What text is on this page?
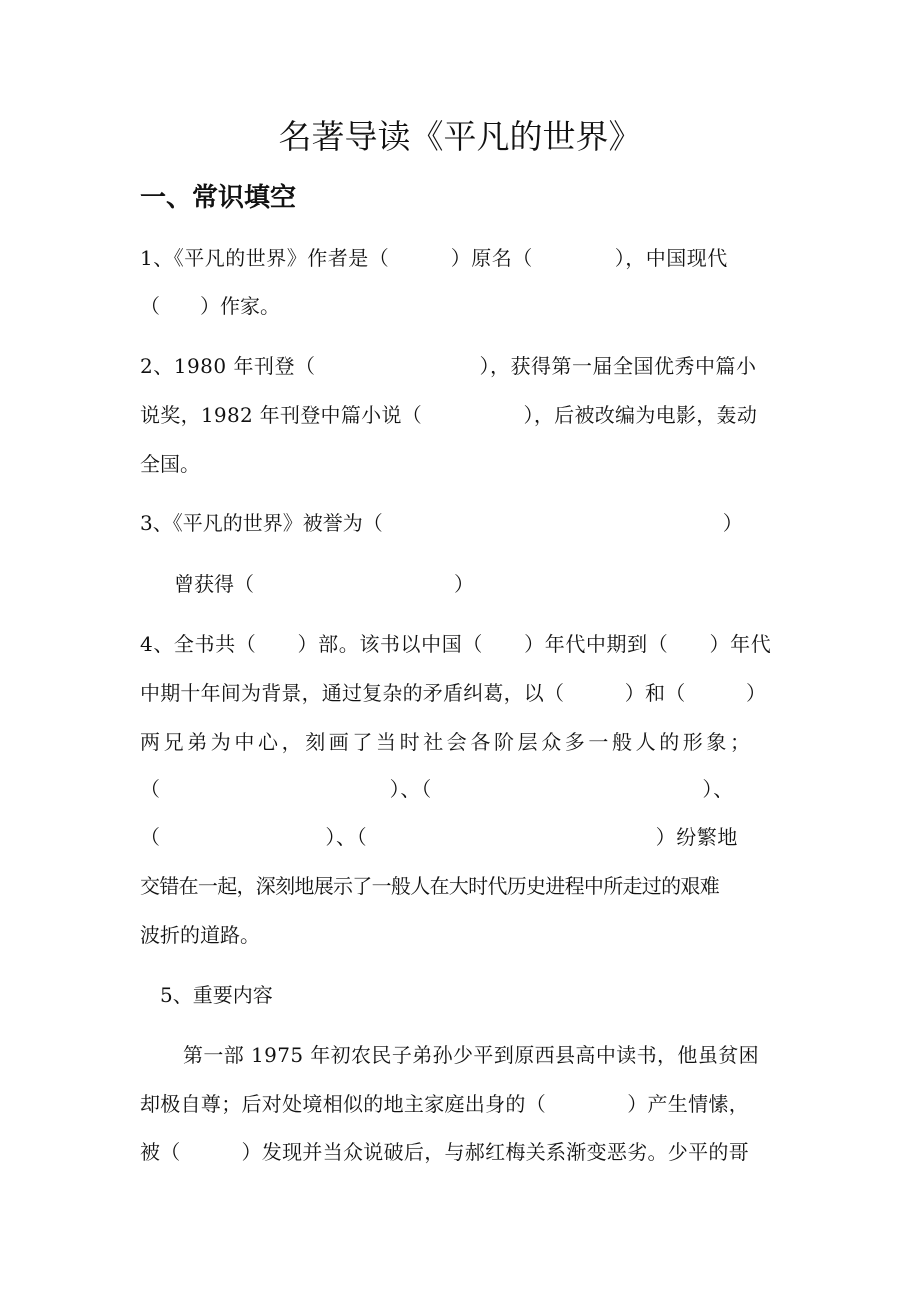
名著导读《平凡的世界》
一、常识填空
1、《平凡的世界》作者是（　　　）原名（　　　　），中国现代
（　　）作家。
2、1980 年刊登（　　　　　　　　），获得第一届全国优秀中篇小
说奖，1982 年刊登中篇小说（　　　　　），后被改编为电影，轰动
全国。
3、《平凡的世界》被誉为（　　　　　　　　　　　　　　　　　）
曾获得（　　　　　　　　　　）
4、全书共（　　）部。该书以中国（　　）年代中期到（　　）年代
中期十年间为背景，通过复杂的矛盾纠葛，以（　　　）和（　　　）
两兄弟为中心，刻画了当时社会各阶层众多一般人的形象；
（　　　　　　　　　　　）、（　　　　　　　　　　　　　）、
（　　　　　　　　）、（　　　　　　　　　　　　　　）纷繁地
交错在一起，深刻地展示了一般人在大时代历史进程中所走过的艰难
波折的道路。
5、重要内容
第一部 1975 年初农民子弟孙少平到原西县高中读书，他虽贫困
却极自尊；后对处境相似的地主家庭出身的（　　　　）产生情愫，
被（　　　）发现并当众说破后，与郝红梅关系渐变恶劣。少平的哥
